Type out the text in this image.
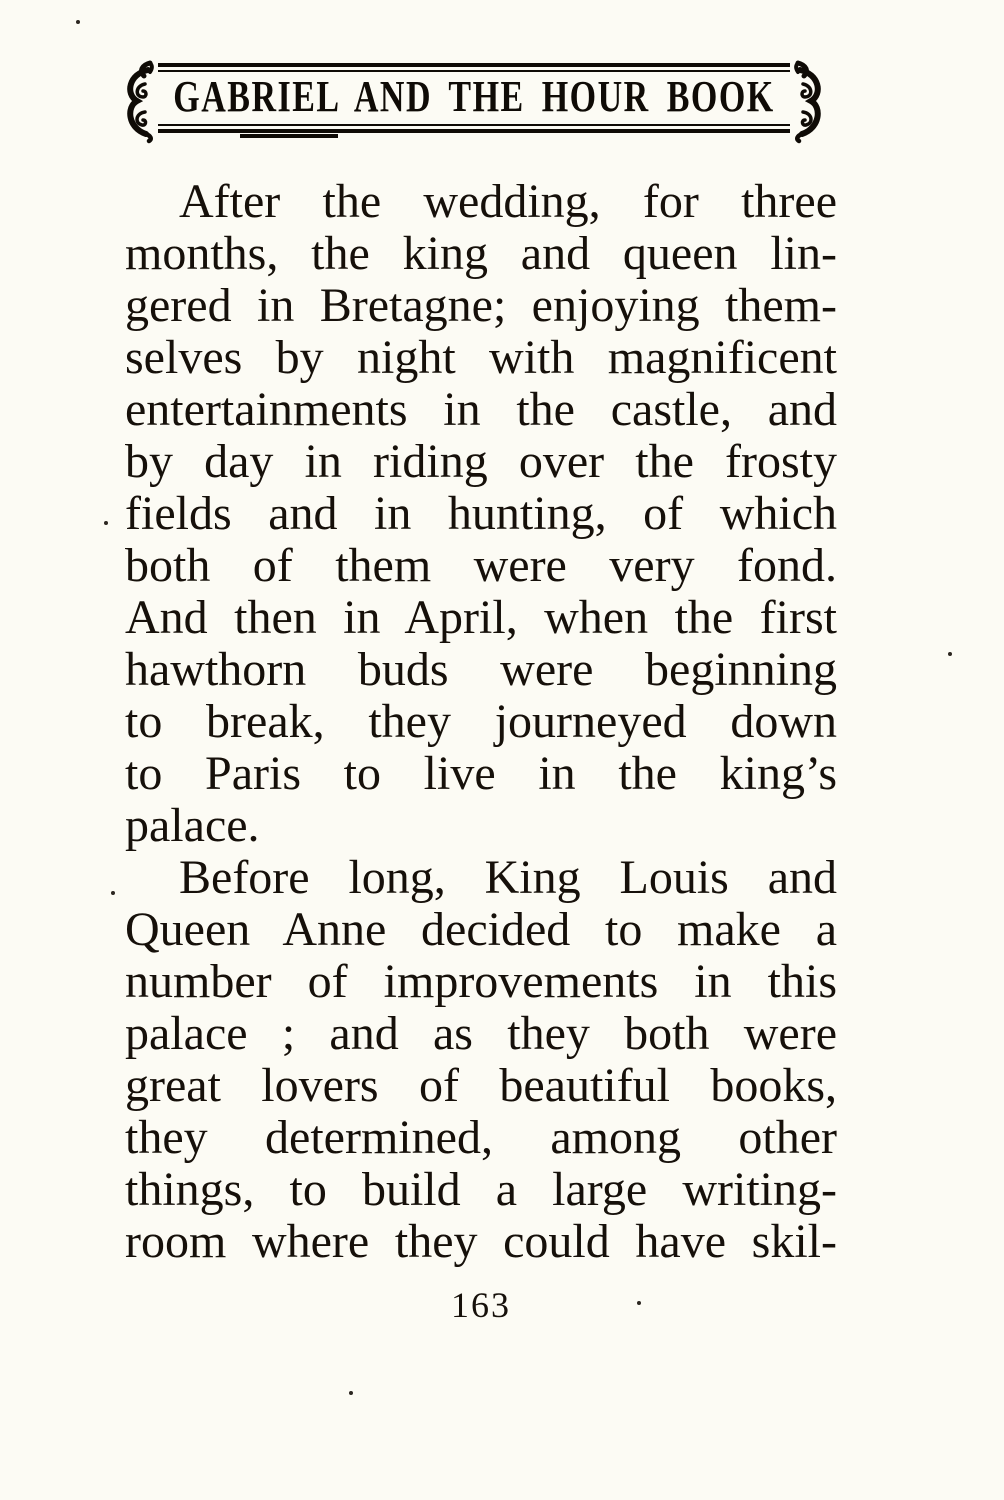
GABRIEL AND THE HOUR BOOK
After the wedding, for three
months, the king and queen lin-
gered in Bretagne; enjoying them-
selves by night with magnificent
entertainments in the castle, and
by day in riding over the frosty
fields and in hunting, of which
both of them were very fond.
And then in April, when the first
hawthorn buds were beginning
to break, they journeyed down
to Paris to live in the king’s
palace.
Before long, King Louis and
Queen Anne decided to make a
number of improvements in this
palace ; and as they both were
great lovers of beautiful books,
they determined, among other
things, to build a large writing-
room where they could have skil-
163
